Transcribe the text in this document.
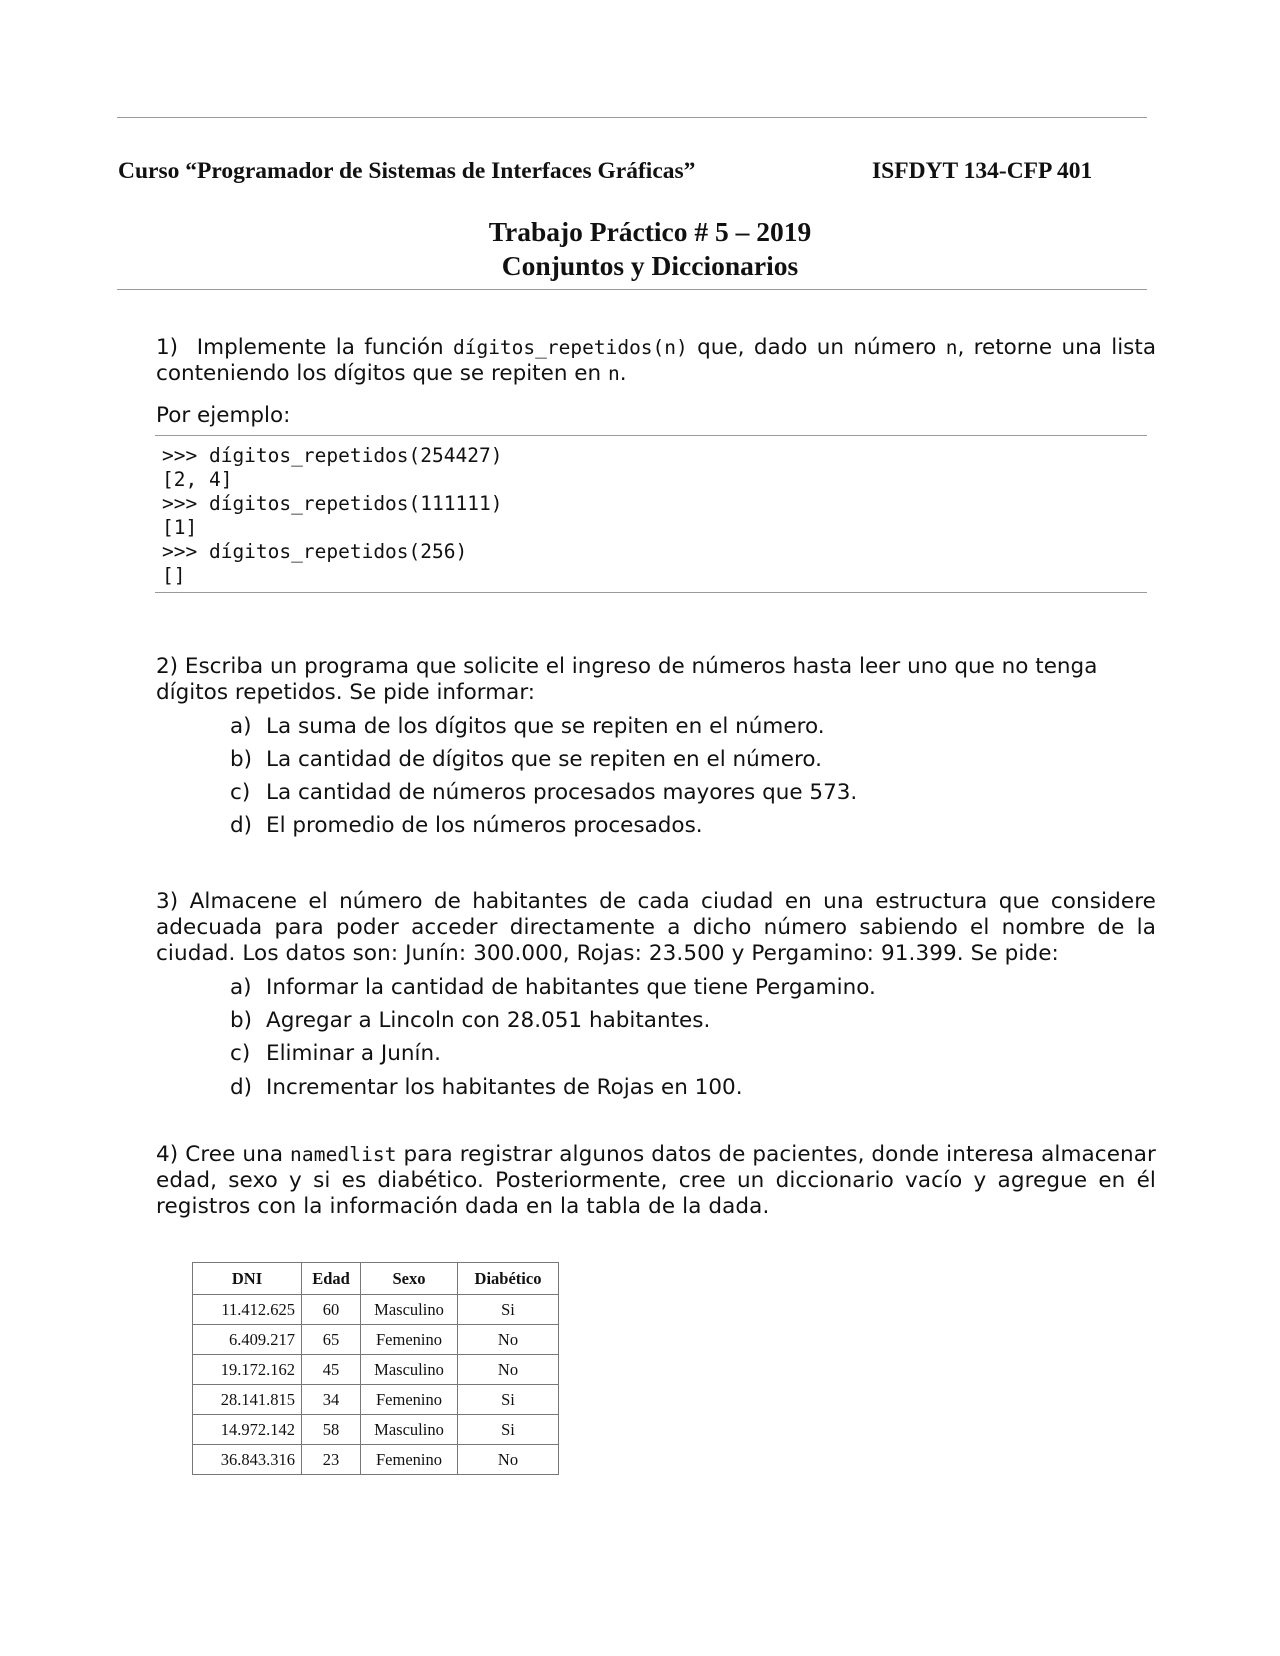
Curso “Programador de Sistemas de Interfaces Gráficas”	ISFDYT 134-CFP 401
Trabajo Práctico # 5 – 2019
Conjuntos y Diccionarios
1) Implemente la función dígitos_repetidos(n) que, dado un número n, retorne una lista
conteniendo los dígitos que se repiten en n.
Por ejemplo:
>>> dígitos_repetidos(254427)
[2, 4]
>>> dígitos_repetidos(111111)
[1]
>>> dígitos_repetidos(256)
[]
2) Escriba un programa que solicite el ingreso de números hasta leer uno que no tenga
dígitos repetidos. Se pide informar:
a) La suma de los dígitos que se repiten en el número.
b) La cantidad de dígitos que se repiten en el número.
c) La cantidad de números procesados mayores que 573.
d) El promedio de los números procesados.
3) Almacene el número de habitantes de cada ciudad en una estructura que considere adecuada para poder acceder directamente a dicho número sabiendo el nombre de la ciudad. Los datos son: Junín: 300.000, Rojas: 23.500 y Pergamino: 91.399. Se pide:
a) Informar la cantidad de habitantes que tiene Pergamino.
b) Agregar a Lincoln con 28.051 habitantes.
c) Eliminar a Junín.
d) Incrementar los habitantes de Rojas en 100.
4) Cree una namedlist para registrar algunos datos de pacientes, donde interesa almacenar edad, sexo y si es diabético. Posteriormente, cree un diccionario vacío y agregue en él registros con la información dada en la tabla de la dada.
DNI	Edad	Sexo	Diabético
11.412.625	60	Masculino	Si
6.409.217	65	Femenino	No
19.172.162	45	Masculino	No
28.141.815	34	Femenino	Si
14.972.142	58	Masculino	Si
36.843.316	23	Femenino	No
